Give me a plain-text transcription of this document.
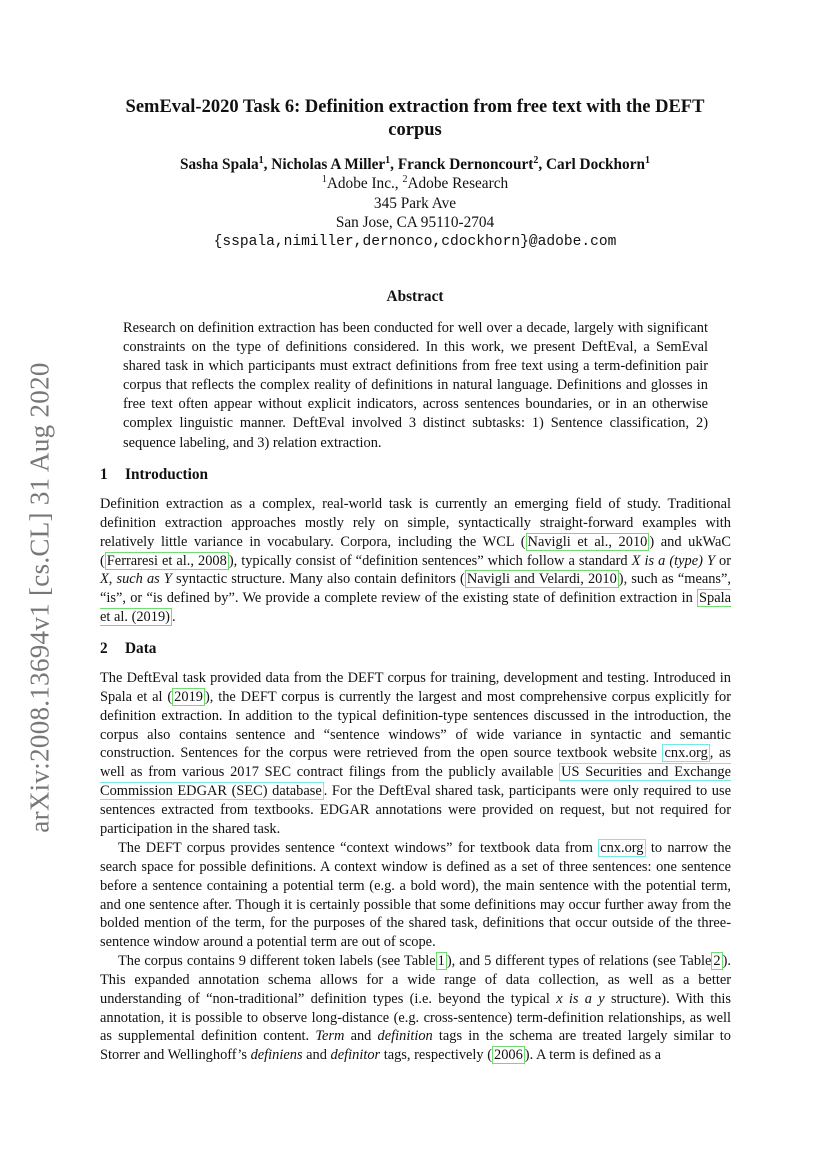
arXiv:2008.13694v1 [cs.CL] 31 Aug 2020
SemEval-2020 Task 6: Definition extraction from free text with the DEFT corpus
Sasha Spala$^1$, Nicholas A Miller$^1$, Franck Dernoncourt$^2$, Carl Dockhorn$^1$
$^1$Adobe Inc., $^2$Adobe Research
345 Park Ave
San Jose, CA 95110-2704
{sspala,nimiller,dernonco,cdockhorn}@adobe.com
Abstract
Research on definition extraction has been conducted for well over a decade, largely with significant constraints on the type of definitions considered. In this work, we present DeftEval, a SemEval shared task in which participants must extract definitions from free text using a term-definition pair corpus that reflects the complex reality of definitions in natural language. Definitions and glosses in free text often appear without explicit indicators, across sentences boundaries, or in an otherwise complex linguistic manner. DeftEval involved 3 distinct subtasks: 1) Sentence classification, 2) sequence labeling, and 3) relation extraction.
1 Introduction
Definition extraction as a complex, real-world task is currently an emerging field of study. Traditional definition extraction approaches mostly rely on simple, syntactically straight-forward examples with relatively little variance in vocabulary. Corpora, including the WCL ( Navigli et al., 2010 ) and ukWaC ( Ferraresi et al., 2008 ), typically consist of “definition sentences” which follow a standard X is a (type) Y or X, such as Y syntactic structure. Many also contain definitors ( Navigli and Velardi, 2010 ), such as “means”, “is”, or “is defined by”. We provide a complete review of the existing state of definition extraction in Spala et al. (2019) .
2 Data
The DeftEval task provided data from the DEFT corpus for training, development and testing. Introduced in Spala et al ( 2019 ), the DEFT corpus is currently the largest and most comprehensive corpus explicitly for definition extraction. In addition to the typical definition-type sentences discussed in the introduction, the corpus also contains sentence and “sentence windows” of wide variance in syntactic and semantic construction. Sentences for the corpus were retrieved from the open source textbook website cnx.org , as well as from various 2017 SEC contract filings from the publicly available US Securities and Exchange Commission EDGAR (SEC) database . For the DeftEval shared task, participants were only required to use sentences extracted from textbooks. EDGAR annotations were provided on request, but not required for participation in the shared task.
The DEFT corpus provides sentence “context windows” for textbook data from cnx.org to narrow the search space for possible definitions. A context window is defined as a set of three sentences: one sentence before a sentence containing a potential term (e.g. a bold word), the main sentence with the potential term, and one sentence after. Though it is certainly possible that some definitions may occur further away from the bolded mention of the term, for the purposes of the shared task, definitions that occur outside of the three-sentence window around a potential term are out of scope.
The corpus contains 9 different token labels (see Table 1 ), and 5 different types of relations (see Table 2 ). This expanded annotation schema allows for a wide range of data collection, as well as a better understanding of “non-traditional” definition types (i.e. beyond the typical x is a y structure). With this annotation, it is possible to observe long-distance (e.g. cross-sentence) term-definition relationships, as well as supplemental definition content. Term and definition tags in the schema are treated largely similar to Storrer and Wellinghoff’s definiens and definitor tags, respectively ( 2006 ). A term is defined as a
